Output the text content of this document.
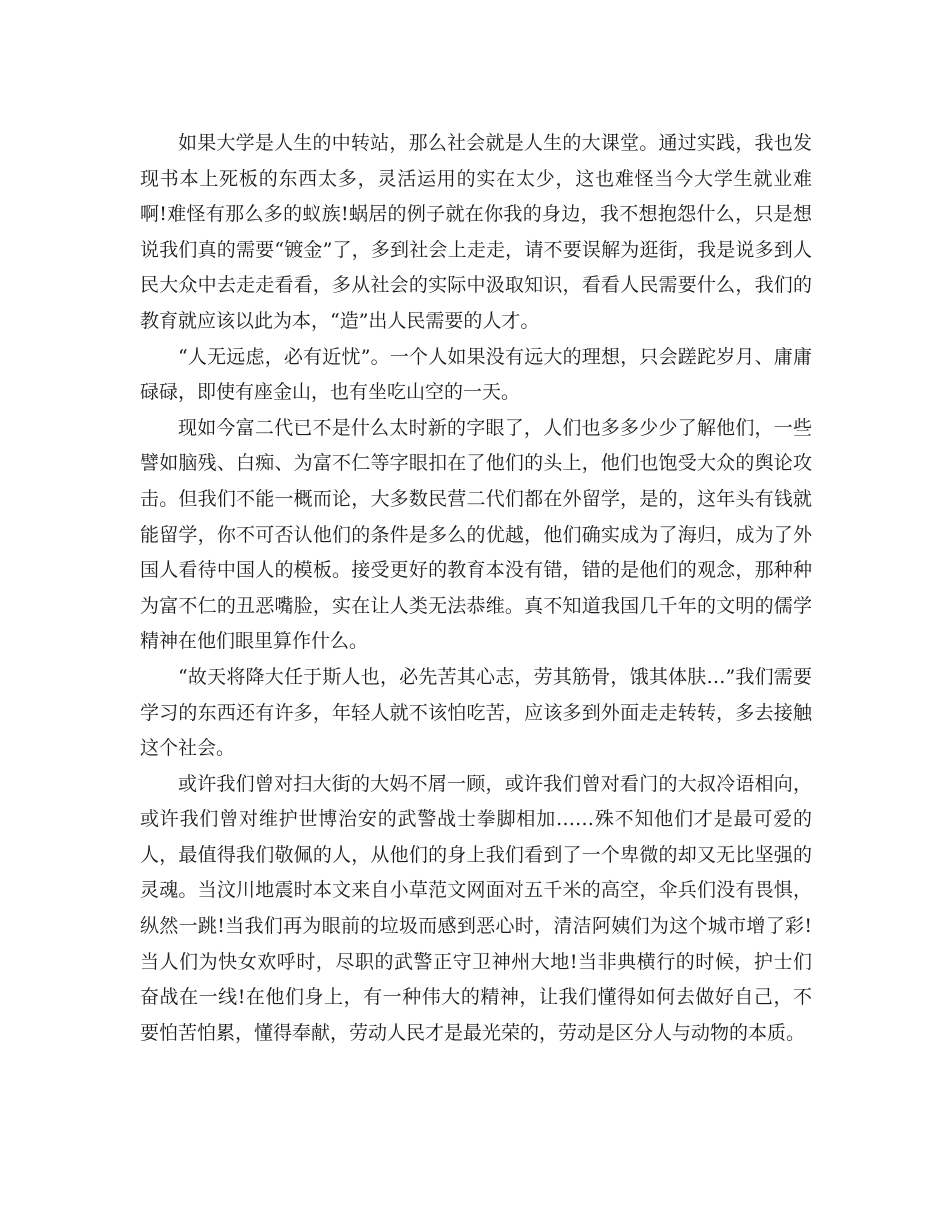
如果大学是人生的中转站，那么社会就是人生的大课堂。通过实践，我也发现书本上死板的东西太多，灵活运用的实在太少，这也难怪当今大学生就业难啊!难怪有那么多的蚁族!蜗居的例子就在你我的身边，我不想抱怨什么，只是想说我们真的需要“镀金”了，多到社会上走走，请不要误解为逛街，我是说多到人民大众中去走走看看，多从社会的实际中汲取知识，看看人民需要什么，我们的教育就应该以此为本，“造”出人民需要的人才。

“人无远虑，必有近忧”。一个人如果没有远大的理想，只会蹉跎岁月、庸庸碌碌，即使有座金山，也有坐吃山空的一天。

现如今富二代已不是什么太时新的字眼了，人们也多多少少了解他们，一些譬如脑残、白痴、为富不仁等字眼扣在了他们的头上，他们也饱受大众的舆论攻击。但我们不能一概而论，大多数民营二代们都在外留学，是的，这年头有钱就能留学，你不可否认他们的条件是多么的优越，他们确实成为了海归，成为了外国人看待中国人的模板。接受更好的教育本没有错，错的是他们的观念，那种种为富不仁的丑恶嘴脸，实在让人类无法恭维。真不知道我国几千年的文明的儒学精神在他们眼里算作什么。

“故天将降大任于斯人也，必先苦其心志，劳其筋骨，饿其体肤…”我们需要学习的东西还有许多，年轻人就不该怕吃苦，应该多到外面走走转转，多去接触这个社会。

或许我们曾对扫大街的大妈不屑一顾，或许我们曾对看门的大叔冷语相向，或许我们曾对维护世博治安的武警战士拳脚相加……殊不知他们才是最可爱的人，最值得我们敬佩的人，从他们的身上我们看到了一个卑微的却又无比坚强的灵魂。当汶川地震时本文来自小草范文网面对五千米的高空，伞兵们没有畏惧，纵然一跳!当我们再为眼前的垃圾而感到恶心时，清洁阿姨们为这个城市增了彩!当人们为快女欢呼时，尽职的武警正守卫神州大地!当非典横行的时候，护士们奋战在一线!在他们身上，有一种伟大的精神，让我们懂得如何去做好自己，不要怕苦怕累，懂得奉献，劳动人民才是最光荣的，劳动是区分人与动物的本质。
